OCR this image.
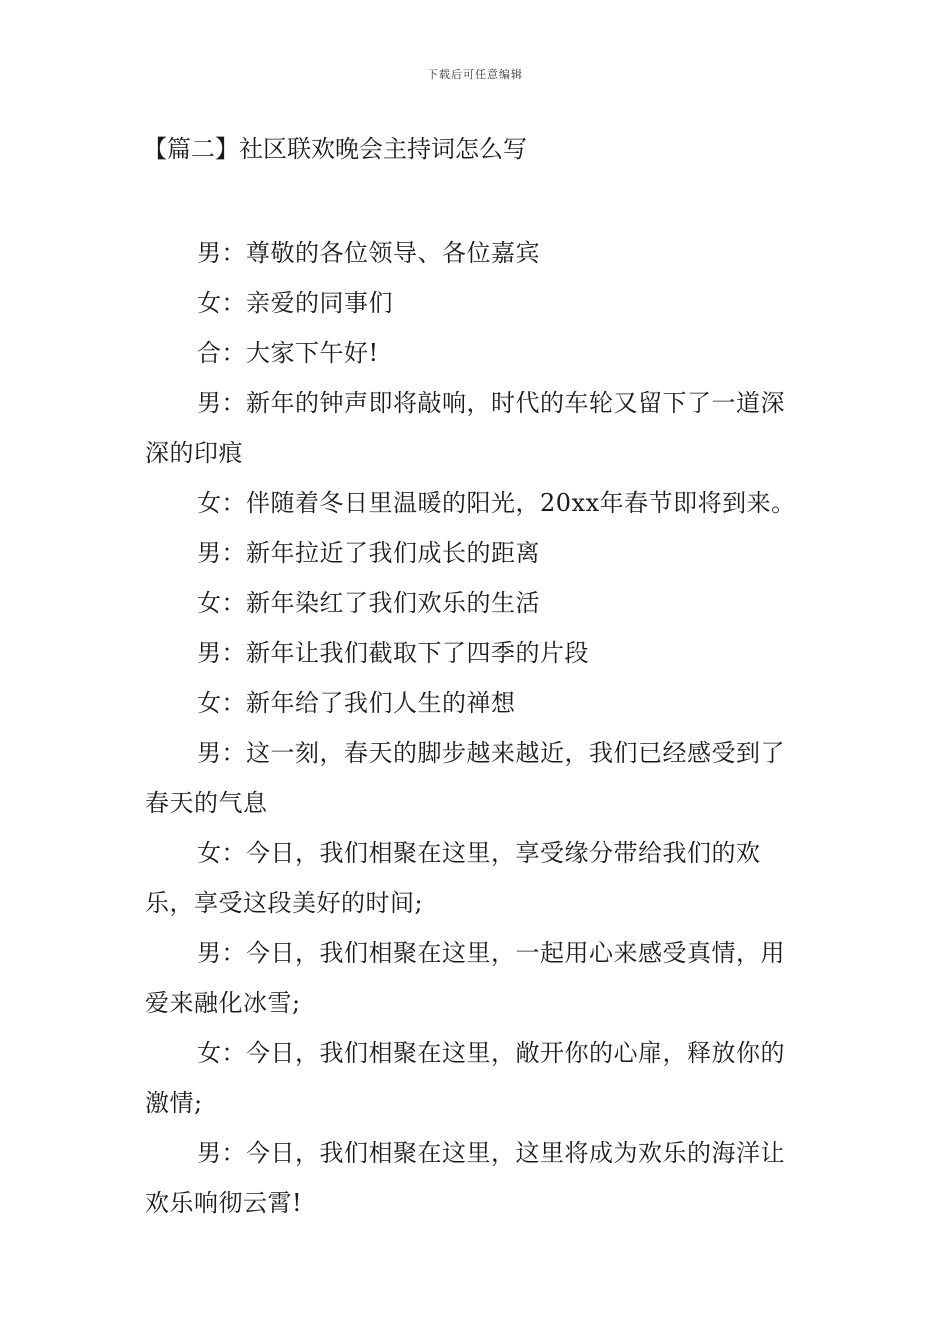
下载后可任意编辑
【篇二】社区联欢晚会主持词怎么写

男：尊敬的各位领导、各位嘉宾

女：亲爱的同事们

合：大家下午好!

男：新年的钟声即将敲响，时代的车轮又留下了一道深深的印痕

女：伴随着冬日里温暖的阳光，20xx年春节即将到来。

男：新年拉近了我们成长的距离

女：新年染红了我们欢乐的生活

男：新年让我们截取下了四季的片段

女：新年给了我们人生的禅想

男：这一刻，春天的脚步越来越近，我们已经感受到了春天的气息

女：今日，我们相聚在这里，享受缘分带给我们的欢乐，享受这段美好的时间;

男：今日，我们相聚在这里，一起用心来感受真情，用爱来融化冰雪;

女：今日，我们相聚在这里，敞开你的心扉，释放你的激情;

男：今日，我们相聚在这里，这里将成为欢乐的海洋让欢乐响彻云霄!
